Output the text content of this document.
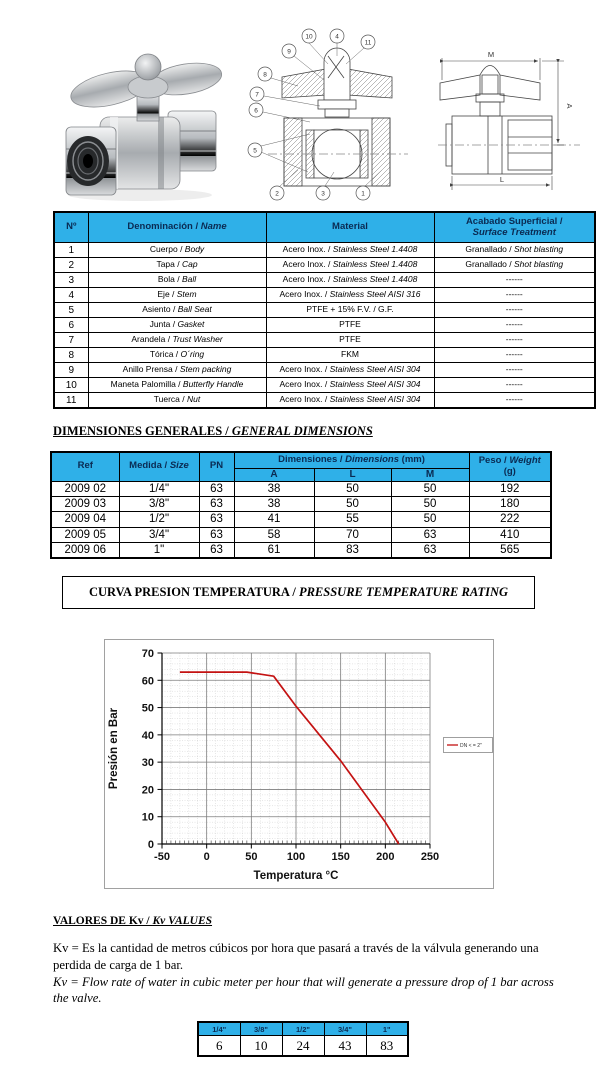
10	4
11
9
8
7
6
5
2	3	1
M
A
L
Nº	Denominación / Name	Material	Acabado Superficial /
Surface Treatment
1	Cuerpo / Body	Acero Inox. / Stainless Steel 1.4408	Granallado / Shot blasting
2	Tapa / Cap	Acero Inox. / Stainless Steel 1.4408	Granallado / Shot blasting
3	Bola / Ball	Acero Inox. / Stainless Steel 1.4408	------
4	Eje / Stem	Acero Inox. / Stainless Steel AISI 316	------
5	Asiento / Ball Seat	PTFE + 15% F.V. / G.F.	------
6	Junta / Gasket	PTFE	------
7	Arandela / Trust Washer	PTFE	------
8	Tórica / O´ring	FKM	------
9	Anillo Prensa / Stem packing	Acero Inox. / Stainless Steel AISI 304	------
10	Maneta Palomilla / Butterfly Handle	Acero Inox. / Stainless Steel AISI 304	------
11	Tuerca / Nut	Acero Inox. / Stainless Steel AISI 304	------
DIMENSIONES GENERALES / GENERAL DIMENSIONS
Ref	Medida / Size	PN	Dimensiones / Dimensions (mm)			Peso / Weight
(g)
			A	L	M	
2009 02	1/4"	63	38	50	50	192
2009 03	3/8"	63	38	50	50	180
2009 04	1/2"	63	41	55	50	222
2009 05	3/4"	63	58	70	63	410
2009 06	1"	63	61	83	63	565
CURVA PRESION TEMPERATURA / PRESSURE TEMPERATURE RATING
-50	0	50	100 150 200 250
0
10
20
30
40
50
60
70
Temperatura °C
Presión en Bar	DN < = 2"
VALORES DE Kv / Kv VALUES
Kv = Es la cantidad de metros cúbicos por hora que pasará a través de la válvula generando una perdida de carga de 1 bar.
Kv = Flow rate of water in cubic meter per hour that will generate a pressure drop of 1 bar across the valve.
1/4"	3/8"	1/2"	3/4"	1"
6	10	24	43	83
